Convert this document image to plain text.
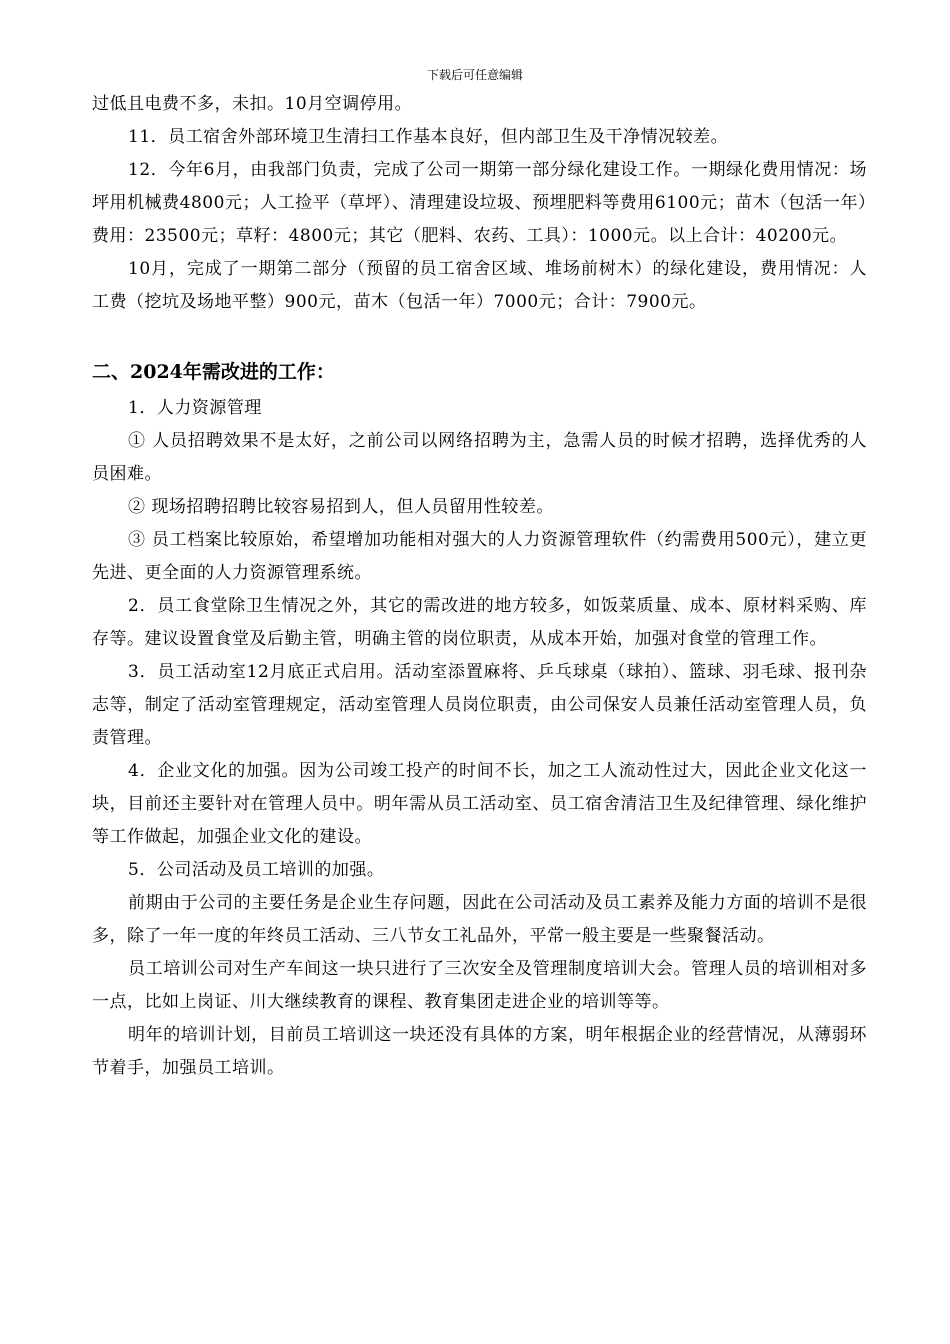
下载后可任意编辑

过低且电费不多，未扣。10月空调停用。

11．员工宿舍外部环境卫生清扫工作基本良好，但内部卫生及干净情况较差。

12．今年6月，由我部门负责，完成了公司一期第一部分绿化建设工作。一期绿化费用情况：场坪用机械费4800元；人工捡平（草坪）、清理建设垃圾、预埋肥料等费用6100元；苗木（包活一年）费用：23500元；草籽：4800元；其它（肥料、农药、工具）：1000元。以上合计：40200元。

10月，完成了一期第二部分（预留的员工宿舍区域、堆场前树木）的绿化建设，费用情况：人工费（挖坑及场地平整）900元，苗木（包活一年）7000元；合计：7900元。

二、2024年需改进的工作：

1．人力资源管理

① 人员招聘效果不是太好，之前公司以网络招聘为主，急需人员的时候才招聘，选择优秀的人员困难。

② 现场招聘招聘比较容易招到人，但人员留用性较差。

③ 员工档案比较原始，希望增加功能相对强大的人力资源管理软件（约需费用500元），建立更先进、更全面的人力资源管理系统。

2．员工食堂除卫生情况之外，其它的需改进的地方较多，如饭菜质量、成本、原材料采购、库存等。建议设置食堂及后勤主管，明确主管的岗位职责，从成本开始，加强对食堂的管理工作。

3．员工活动室12月底正式启用。活动室添置麻将、乒乓球桌（球拍）、篮球、羽毛球、报刊杂志等，制定了活动室管理规定，活动室管理人员岗位职责，由公司保安人员兼任活动室管理人员，负责管理。

4．企业文化的加强。因为公司竣工投产的时间不长，加之工人流动性过大，因此企业文化这一块，目前还主要针对在管理人员中。明年需从员工活动室、员工宿舍清洁卫生及纪律管理、绿化维护等工作做起，加强企业文化的建设。

5．公司活动及员工培训的加强。

前期由于公司的主要任务是企业生存问题，因此在公司活动及员工素养及能力方面的培训不是很多，除了一年一度的年终员工活动、三八节女工礼品外，平常一般主要是一些聚餐活动。

员工培训公司对生产车间这一块只进行了三次安全及管理制度培训大会。管理人员的培训相对多一点，比如上岗证、川大继续教育的课程、教育集团走进企业的培训等等。

明年的培训计划，目前员工培训这一块还没有具体的方案，明年根据企业的经营情况，从薄弱环节着手，加强员工培训。
